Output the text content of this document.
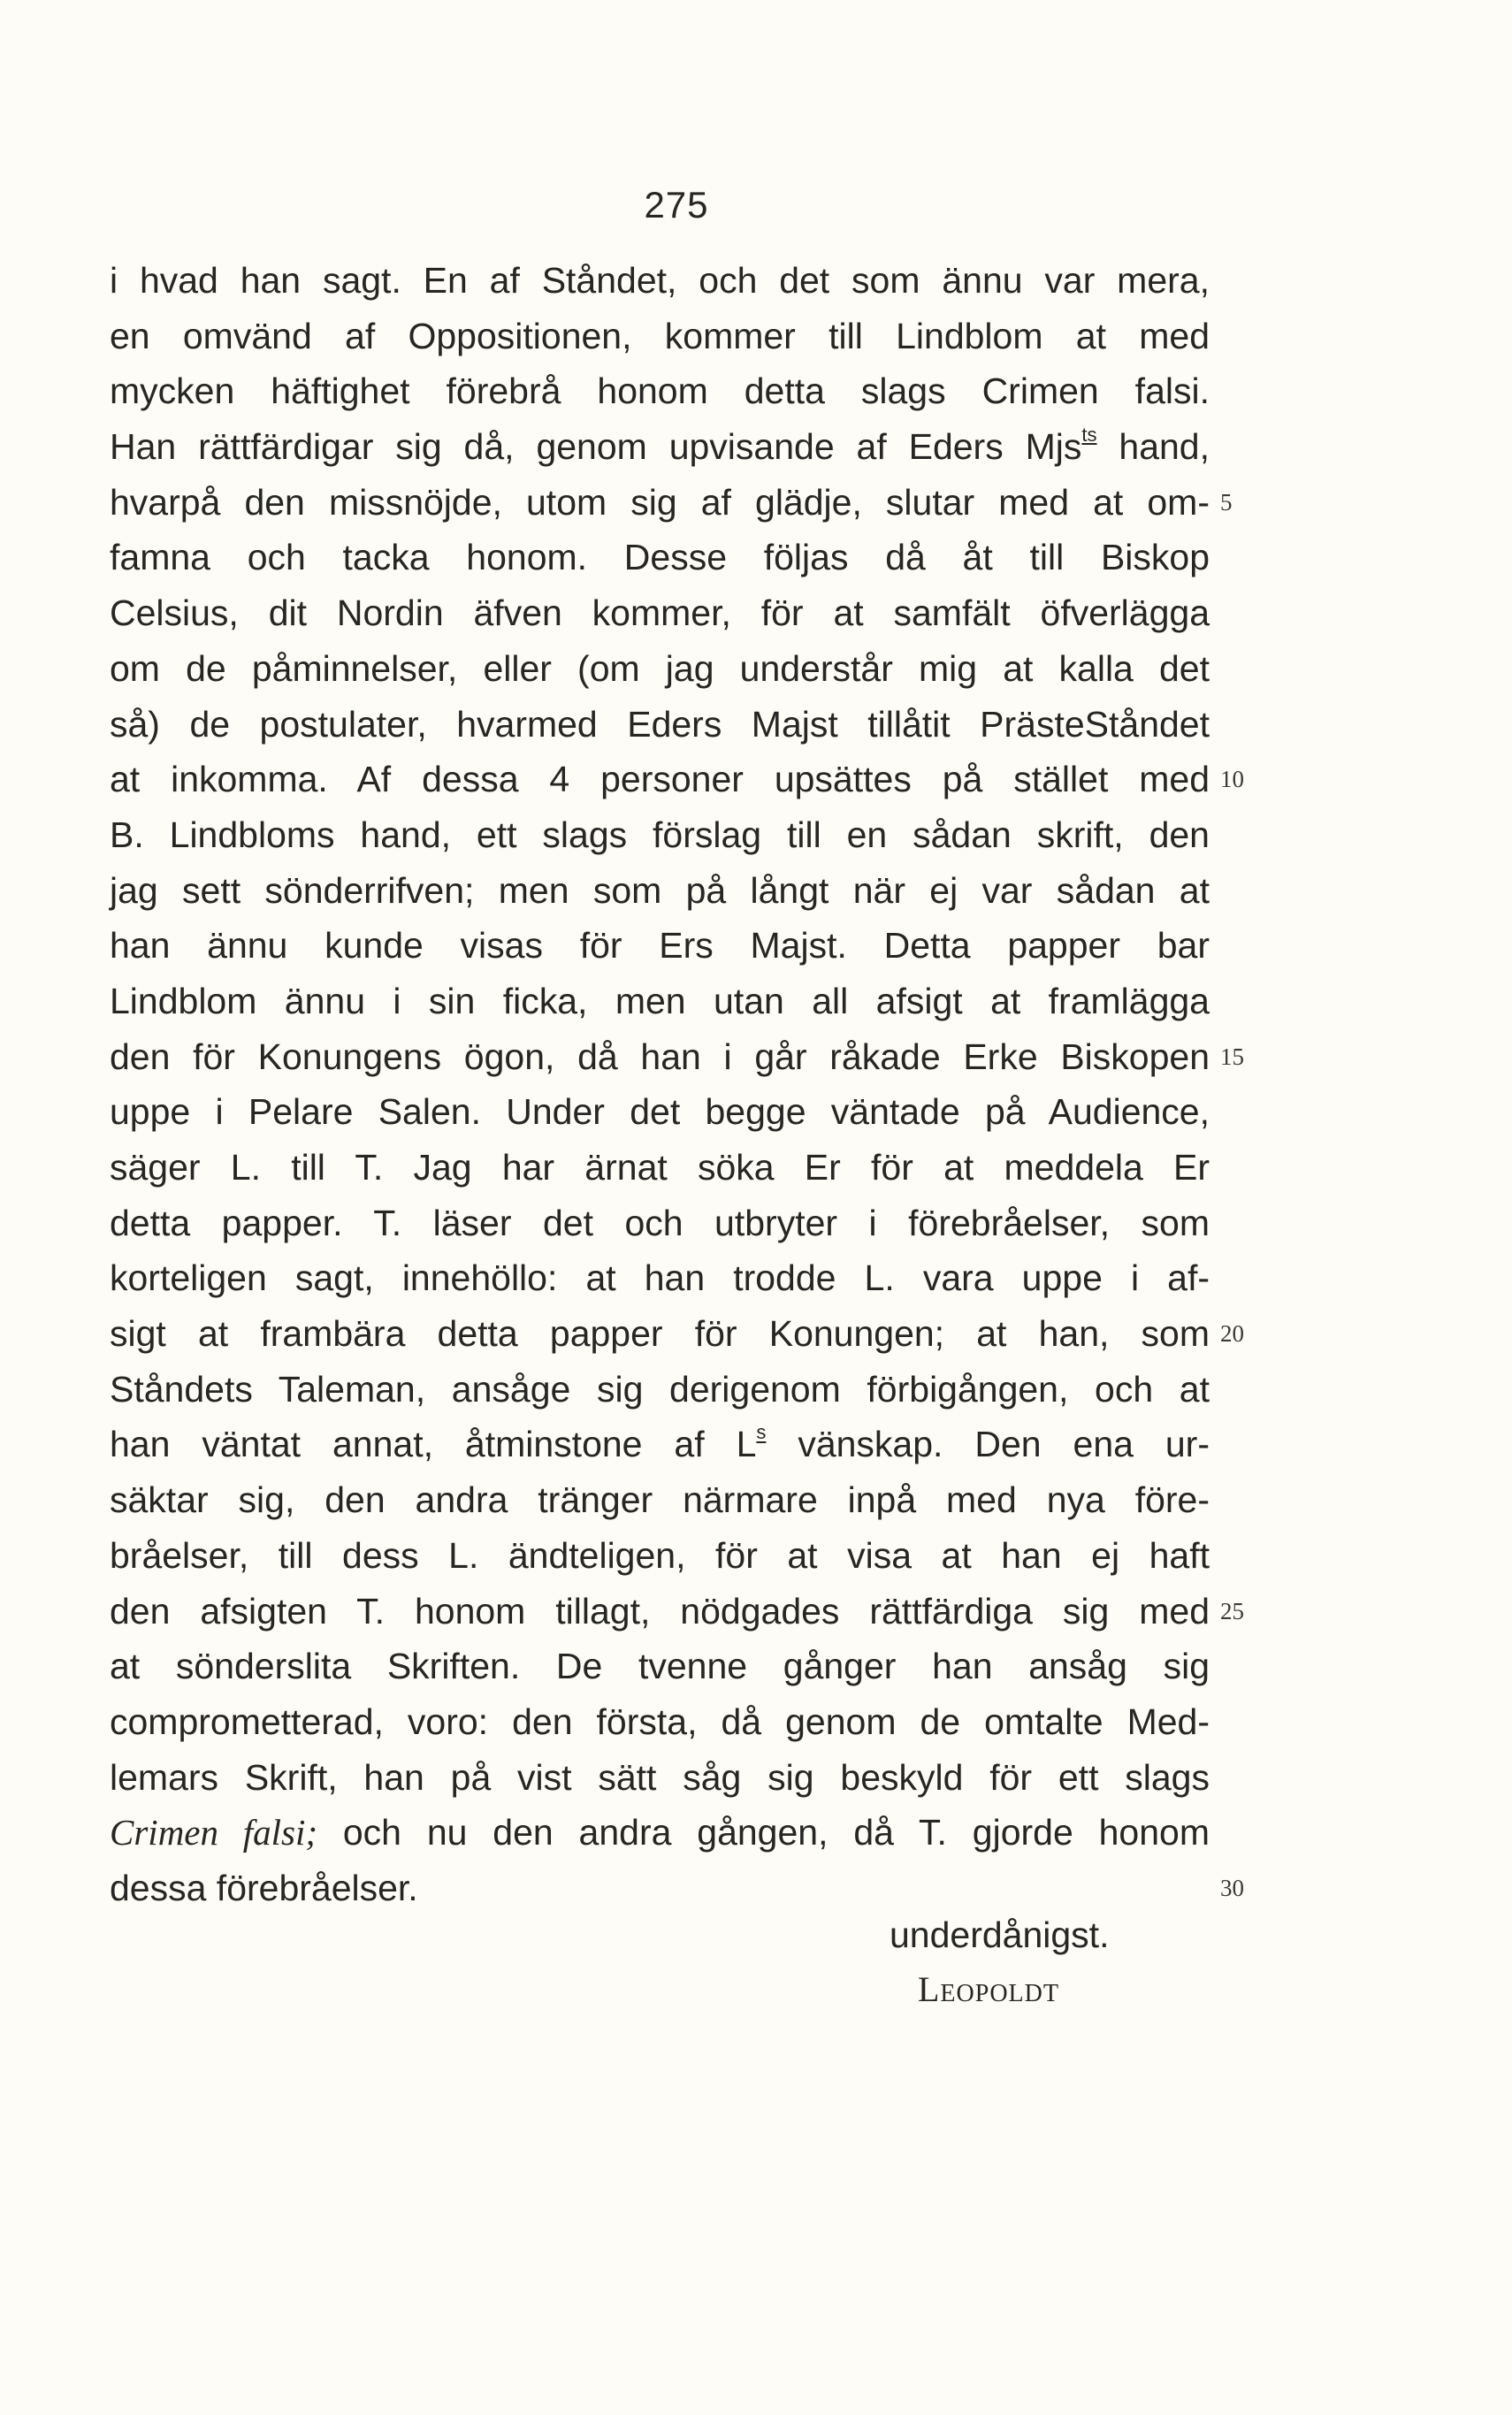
275
i hvad han sagt. En af Ståndet, och det som ännu var mera,
en omvänd af Oppositionen, kommer till Lindblom at med
mycken häftighet förebrå honom detta slags Crimen falsi.
Han rättfärdigar sig då, genom upvisande af Eders Mjs$^{ts}$ hand,
hvarpå den missnöjde, utom sig af glädje, slutar med at om- 5
famna och tacka honom. Desse följas då åt till Biskop
Celsius, dit Nordin äfven kommer, för at samfält öfverlägga
om de påminnelser, eller (om jag understår mig at kalla det
så) de postulater, hvarmed Eders Majst tillåtit PrästeStåndet
at inkomma. Af dessa 4 personer upsättes på stället med 10
B. Lindbloms hand, ett slags förslag till en sådan skrift, den
jag sett sönderrifven; men som på långt när ej var sådan at
han ännu kunde visas för Ers Majst. Detta papper bar
Lindblom ännu i sin ficka, men utan all afsigt at framlägga
den för Konungens ögon, då han i går råkade Erke Biskopen 15
uppe i Pelare Salen. Under det begge väntade på Audience,
säger L. till T. Jag har ärnat söka Er för at meddela Er
detta papper. T. läser det och utbryter i förebråelser, som
korteligen sagt, innehöllo: at han trodde L. vara uppe i af-
sigt at frambära detta papper för Konungen; at han, som 20
Ståndets Taleman, ansåge sig derigenom förbigången, och at
han väntat annat, åtminstone af $L^s$ vänskap. Den ena ur-
säktar sig, den andra tränger närmare inpå med nya före-
bråelser, till dess L. ändteligen, för at visa at han ej haft
den afsigten T. honom tillagt, nödgades rättfärdiga sig med 25
at sönderslita Skriften. De tvenne gånger han ansåg sig
comprometterad, voro: den första, då genom de omtalte Med-
lemars Skrift, han på vist sätt såg sig beskyld för ett slags
Crimen falsi; och nu den andra gången, då T. gjorde honom
dessa förebråelser.	30
underdånigst.
Leopoldt
